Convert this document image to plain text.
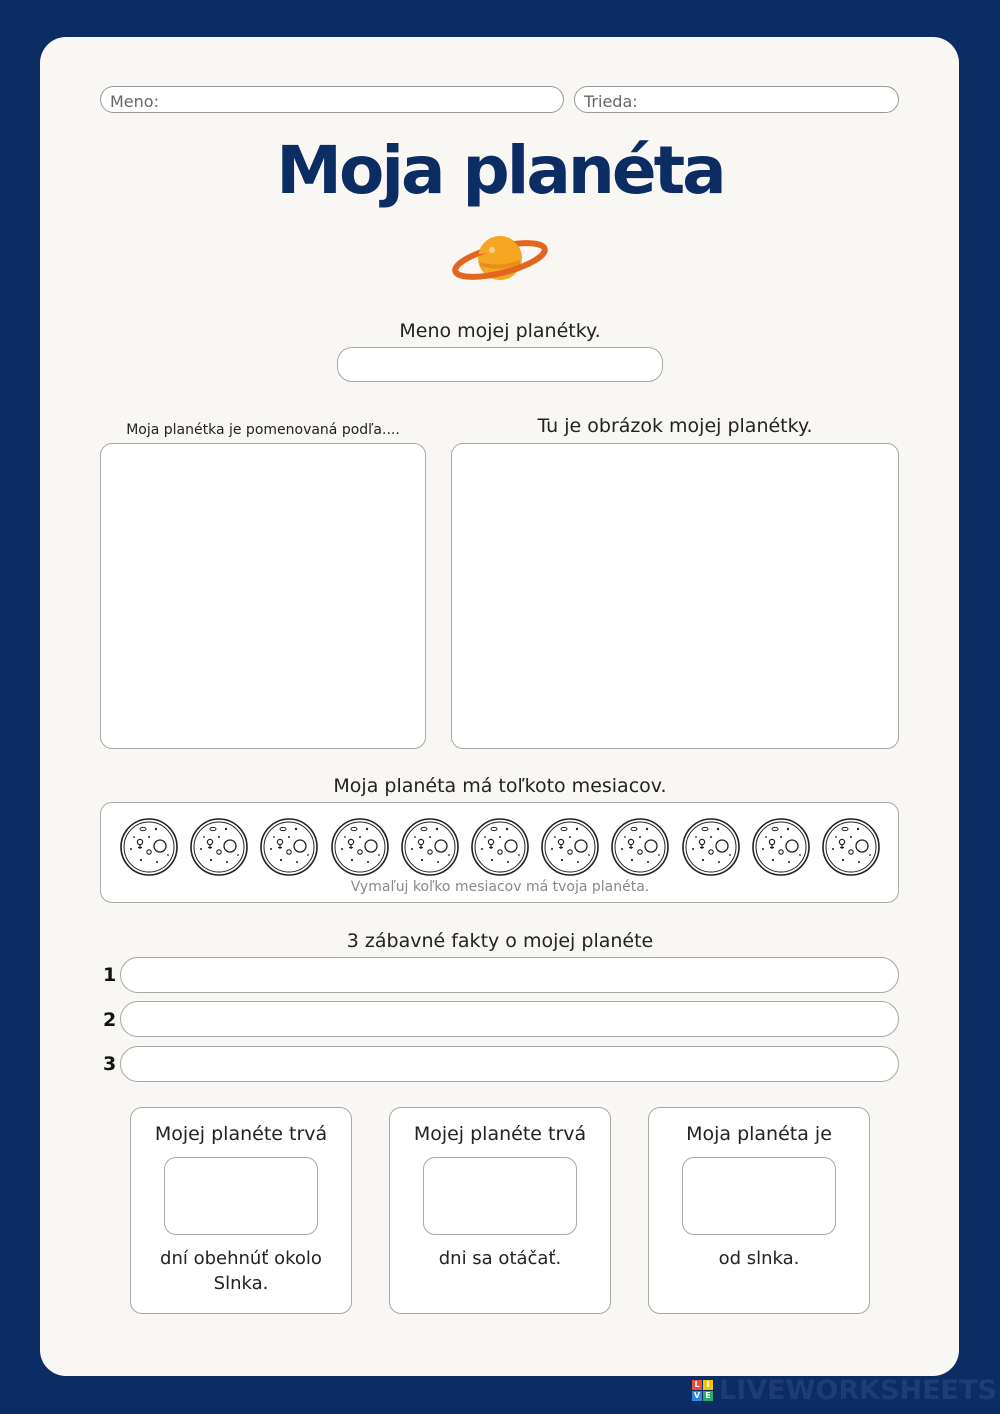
Meno:	Trieda:
Moja planéta
Meno mojej planétky.
Moja planétka je pomenovaná podľa....	Tu je obrázok mojej planétky.
Moja planéta má toľkoto mesiacov.
Vymaľuj koľko mesiacov má tvoja planéta.
3 zábavné fakty o mojej planéte
1
2
3
Mojej planéte trvá
dní obehnúť okolo Slnka.
Mojej planéte trvá
dni sa otáčať.
Moja planéta je
od slnka.
L I
V E LIVEWORKSHEETS
